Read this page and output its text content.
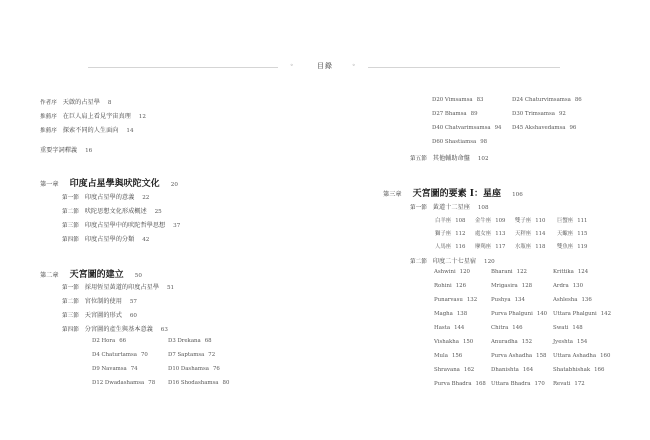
◦	目錄	◦
作者序 天啟的占星學 8
推薦序 在巨人肩上看見宇宙真理 12
推薦序 探索不同的人生面向 14
重要字詞釋義 16
第一章 印度占星學與吠陀文化 20
第一節 印度占星學的意義 22
第二節 吠陀思想文化形成概述 25
第三節 印度占星學中的吠陀哲學思想 37
第四節 印度占星學的分類 42
第二章 天宮圖的建立 50
第一節 採用恆星黃道的印度占星學 51
第二節 宮位制的使用 57
第三節 天宮圖的形式 60
第四節 分宮圖的產生與基本意義 63
D2 Hora 66	D3 Drekana 68
D4 Chaturtamsa 70	D7 Saptamsa 72
D9 Navamsa 74	D10 Dashamsa 76
D12 Dwadashamsa 78 D16 Shodashamsa 80
D20 Vimsamsa 83	D24 Chaturvimsamsa 86
D27 Bhamsa 89	D30 Trimsamsa 92
D40 Chatvarimsamsa 94 D45 Akshavedamsa 96
D60 Shastiamsa 98
第五節 其他輔助命盤 102
第三章 天宮圖的要素 I：星座 106
第一節 黃道十二星座 108
白羊座 108 金牛座 109 雙子座 110 巨蟹座 111
獅子座 112 處女座 113 天秤座 114 天蠍座 115
人馬座 116 摩羯座 117 水瓶座 118 雙魚座 119
第二節 印度二十七星宿 120
Ashwini 120	Bharani 122	Krittika 124
Rohini 126	Mrigasira 128	Ardra 130
Punarvasu 132	Pushya 134	Ashlesha 136
Magha 138	Purva Phalguni 140 Uttara Phalguni 142
Hasta 144	Chitra 146	Swati 148
Vishakha 150	Anuradha 152	Jyeshta 154
Mula 156	Purva Ashadha 158 Uttara Ashadha 160
Shravana 162	Dhanishta 164	Shatabhishak 166
Purva Bhadra 168 Uttara Bhadra 170 Revati 172
